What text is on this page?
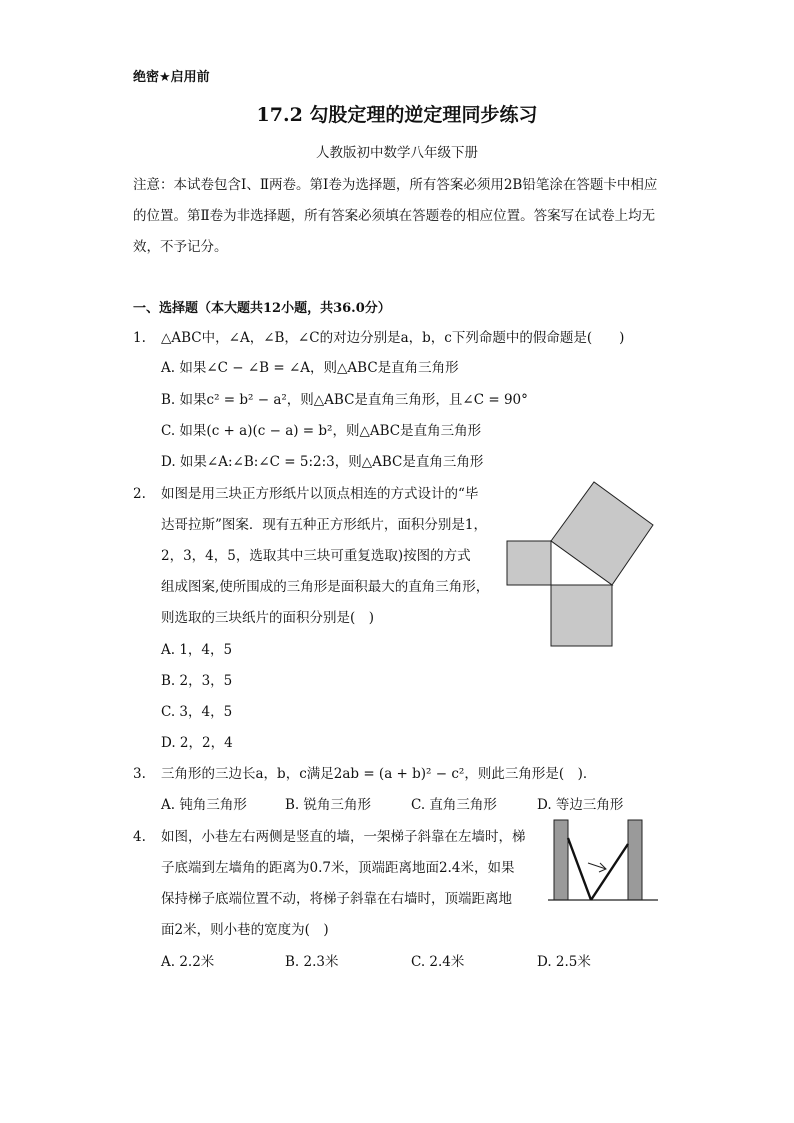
绝密★启用前
17.2 勾股定理的逆定理同步练习
人教版初中数学八年级下册
注意：本试卷包含Ⅰ、Ⅱ两卷。第Ⅰ卷为选择题，所有答案必须用2B铅笔涂在答题卡中相应的位置。第Ⅱ卷为非选择题，所有答案必须填在答题卷的相应位置。答案写在试卷上均无效，不予记分。
一、选择题（本大题共12小题，共36.0分）
1. △ABC中，∠A，∠B，∠C的对边分别是a，b，c下列命题中的假命题是(　　)
A. 如果∠C − ∠B = ∠A，则△ABC是直角三角形
B. 如果c² = b² − a²，则△ABC是直角三角形，且∠C = 90°
C. 如果(c + a)(c − a) = b²，则△ABC是直角三角形
D. 如果∠A:∠B:∠C = 5:2:3，则△ABC是直角三角形
2. 如图是用三块正方形纸片以顶点相连的方式设计的“毕
达哥拉斯”图案．现有五种正方形纸片，面积分别是1，
2，3，4，5，选取其中三块可重复选取)按图的方式
组成图案,使所围成的三角形是面积最大的直角三角形，
则选取的三块纸片的面积分别是(　)
A. 1，4，5
B. 2，3，5
C. 3，4，5
D. 2，2，4
3. 三角形的三边长a，b，c满足2ab = (a + b)² − c²，则此三角形是(　)．
A. 钝角三角形	B. 锐角三角形	C. 直角三角形	D. 等边三角形
4. 如图，小巷左右两侧是竖直的墙，一架梯子斜靠在左墙时，梯
子底端到左墙角的距离为0.7米，顶端距离地面2.4米，如果
保持梯子底端位置不动，将梯子斜靠在右墙时，顶端距离地
面2米，则小巷的宽度为(　)
A. 2.2米	B. 2.3米	C. 2.4米	D. 2.5米
